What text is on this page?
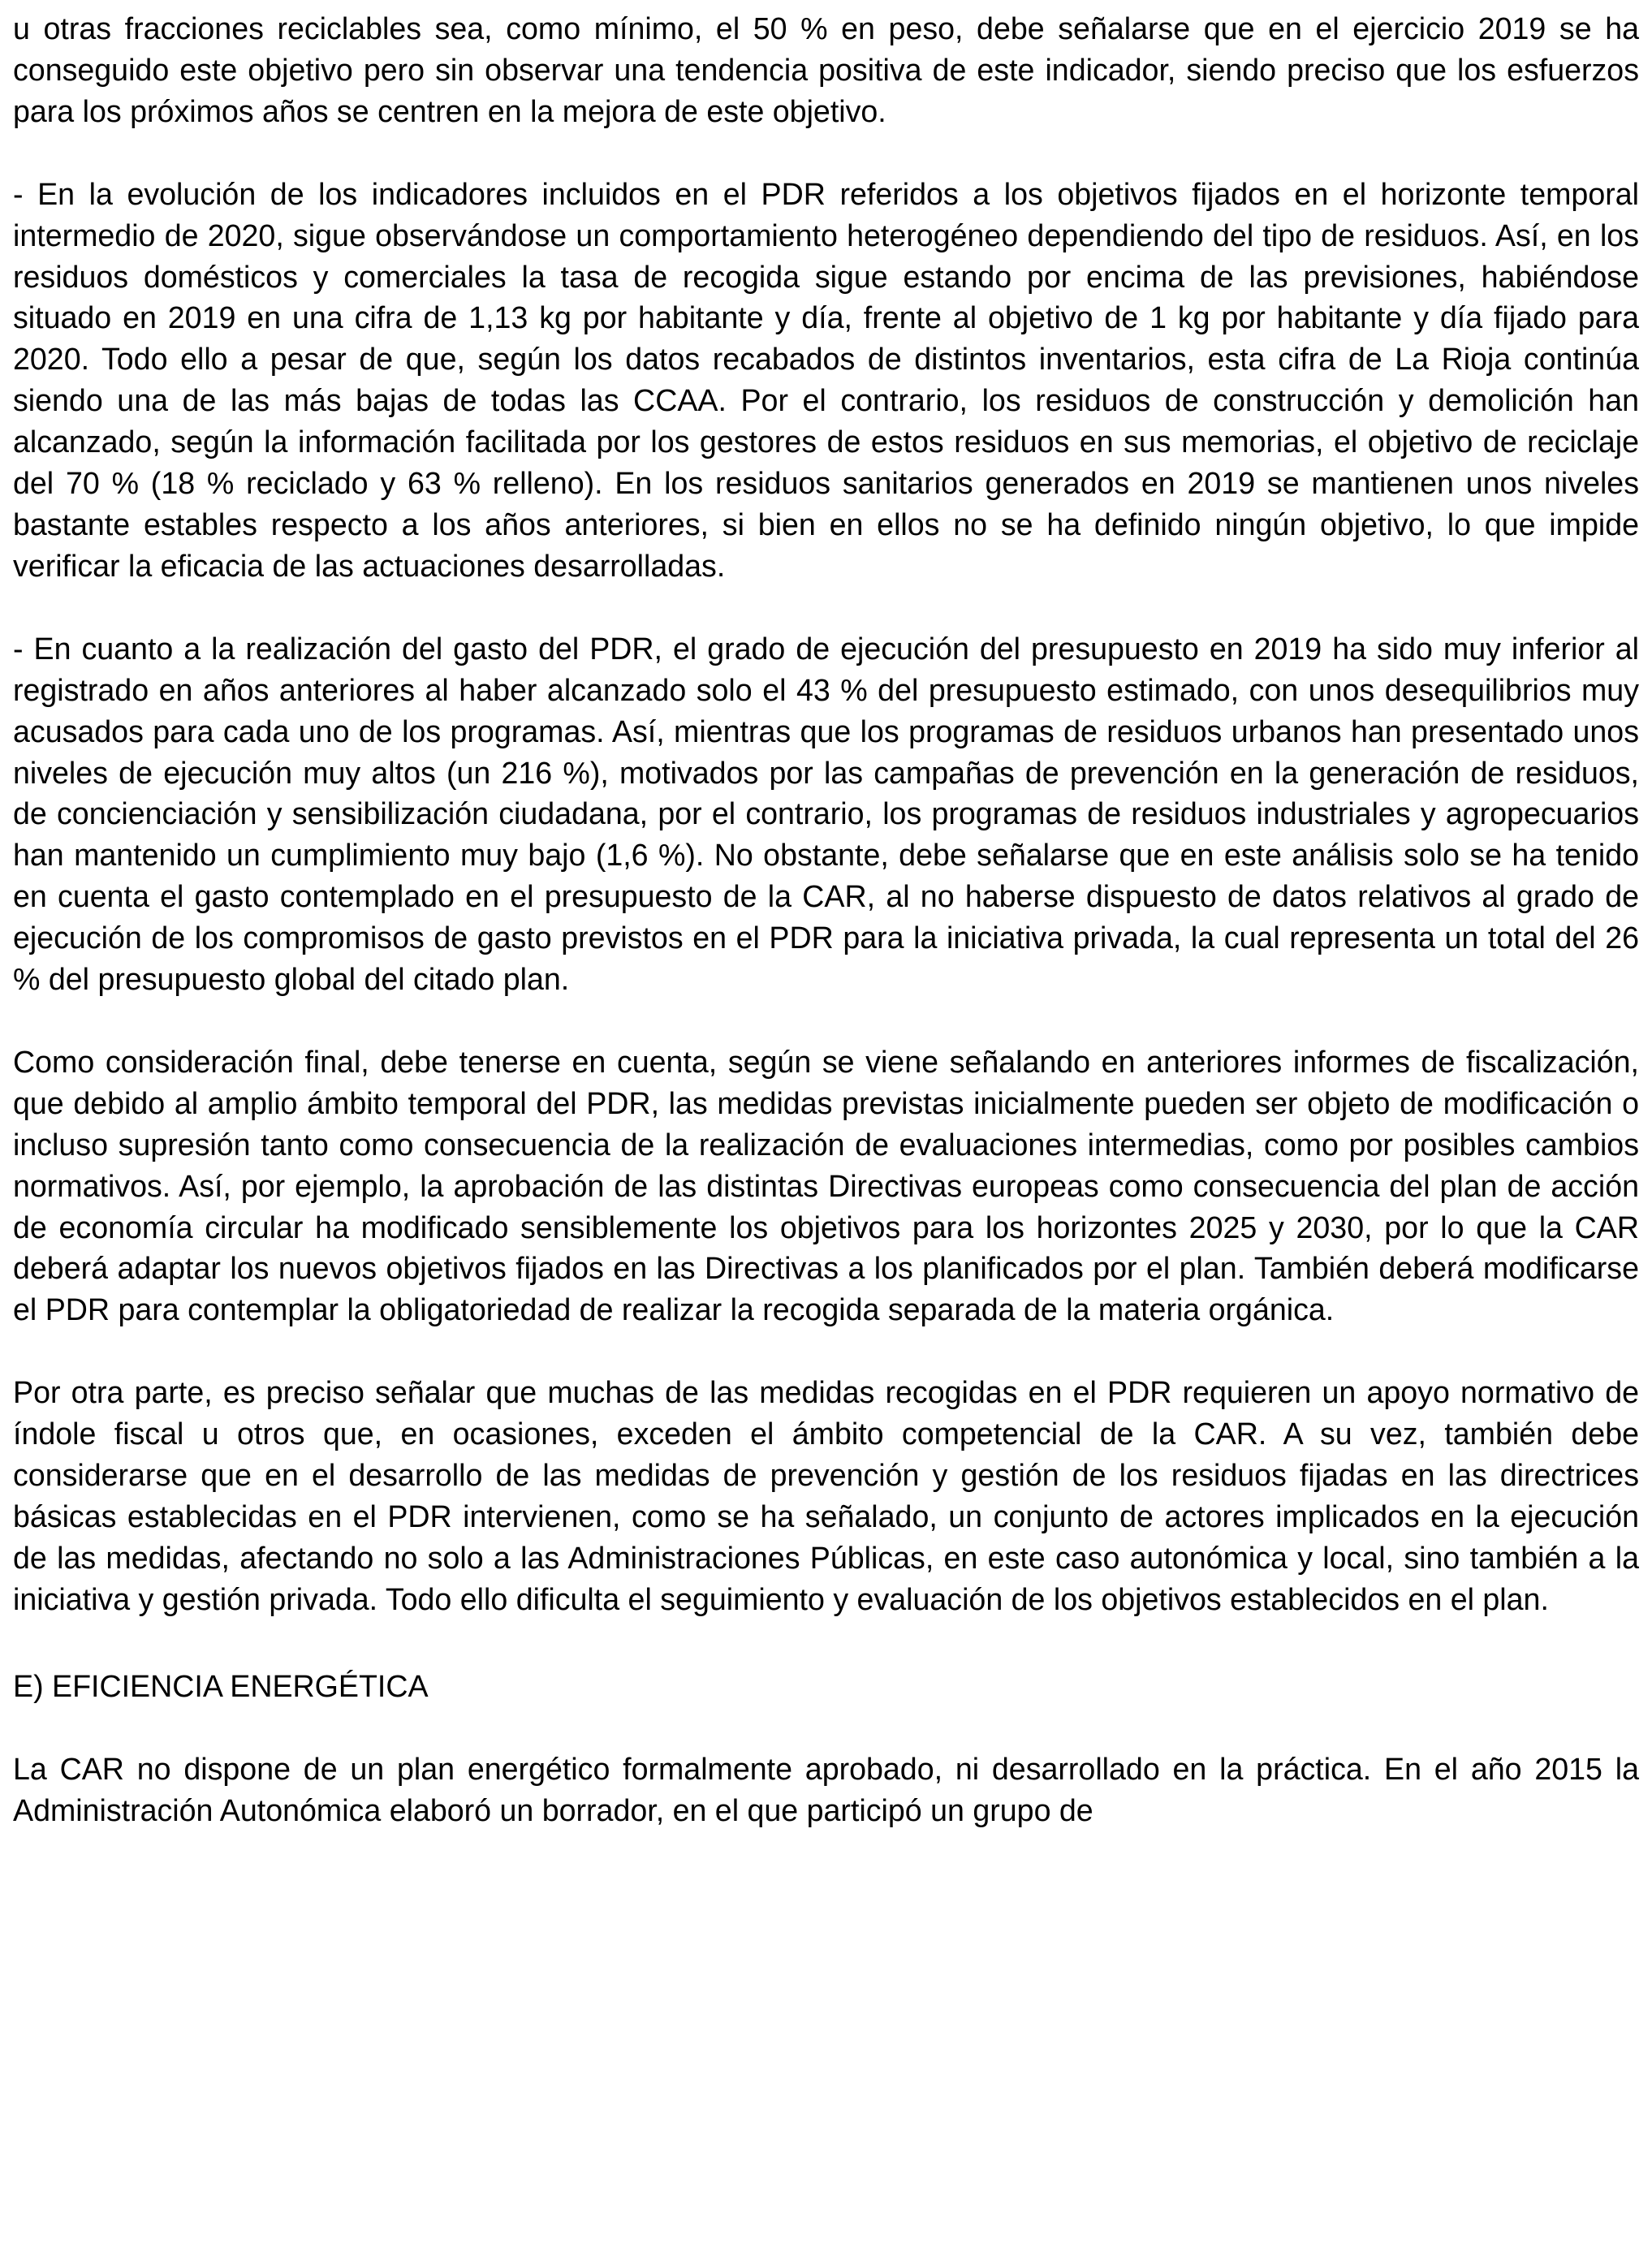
u otras fracciones reciclables sea, como mínimo, el 50 % en peso, debe señalarse que en el ejercicio 2019 se ha conseguido este objetivo pero sin observar una tendencia positiva de este indicador, siendo preciso que los esfuerzos para los próximos años se centren en la mejora de este objetivo.

- En la evolución de los indicadores incluidos en el PDR referidos a los objetivos fijados en el horizonte temporal intermedio de 2020, sigue observándose un comportamiento heterogéneo dependiendo del tipo de residuos. Así, en los residuos domésticos y comerciales la tasa de recogida sigue estando por encima de las previsiones, habiéndose situado en 2019 en una cifra de 1,13 kg por habitante y día, frente al objetivo de 1 kg por habitante y día fijado para 2020. Todo ello a pesar de que, según los datos recabados de distintos inventarios, esta cifra de La Rioja continúa siendo una de las más bajas de todas las CCAA. Por el contrario, los residuos de construcción y demolición han alcanzado, según la información facilitada por los gestores de estos residuos en sus memorias, el objetivo de reciclaje del 70 % (18 % reciclado y 63 % relleno). En los residuos sanitarios generados en 2019 se mantienen unos niveles bastante estables respecto a los años anteriores, si bien en ellos no se ha definido ningún objetivo, lo que impide verificar la eficacia de las actuaciones desarrolladas.

- En cuanto a la realización del gasto del PDR, el grado de ejecución del presupuesto en 2019 ha sido muy inferior al registrado en años anteriores al haber alcanzado solo el 43 % del presupuesto estimado, con unos desequilibrios muy acusados para cada uno de los programas. Así, mientras que los programas de residuos urbanos han presentado unos niveles de ejecución muy altos (un 216 %), motivados por las campañas de prevención en la generación de residuos, de concienciación y sensibilización ciudadana, por el contrario, los programas de residuos industriales y agropecuarios han mantenido un cumplimiento muy bajo (1,6 %). No obstante, debe señalarse que en este análisis solo se ha tenido en cuenta el gasto contemplado en el presupuesto de la CAR, al no haberse dispuesto de datos relativos al grado de ejecución de los compromisos de gasto previstos en el PDR para la iniciativa privada, la cual representa un total del 26 % del presupuesto global del citado plan.

Como consideración final, debe tenerse en cuenta, según se viene señalando en anteriores informes de fiscalización, que debido al amplio ámbito temporal del PDR, las medidas previstas inicialmente pueden ser objeto de modificación o incluso supresión tanto como consecuencia de la realización de evaluaciones intermedias, como por posibles cambios normativos. Así, por ejemplo, la aprobación de las distintas Directivas europeas como consecuencia del plan de acción de economía circular ha modificado sensiblemente los objetivos para los horizontes 2025 y 2030, por lo que la CAR deberá adaptar los nuevos objetivos fijados en las Directivas a los planificados por el plan. También deberá modificarse el PDR para contemplar la obligatoriedad de realizar la recogida separada de la materia orgánica.

Por otra parte, es preciso señalar que muchas de las medidas recogidas en el PDR requieren un apoyo normativo de índole fiscal u otros que, en ocasiones, exceden el ámbito competencial de la CAR. A su vez, también debe considerarse que en el desarrollo de las medidas de prevención y gestión de los residuos fijadas en las directrices básicas establecidas en el PDR intervienen, como se ha señalado, un conjunto de actores implicados en la ejecución de las medidas, afectando no solo a las Administraciones Públicas, en este caso autonómica y local, sino también a la iniciativa y gestión privada. Todo ello dificulta el seguimiento y evaluación de los objetivos establecidos en el plan.

E) EFICIENCIA ENERGÉTICA

La CAR no dispone de un plan energético formalmente aprobado, ni desarrollado en la práctica. En el año 2015 la Administración Autonómica elaboró un borrador, en el que participó un grupo de
